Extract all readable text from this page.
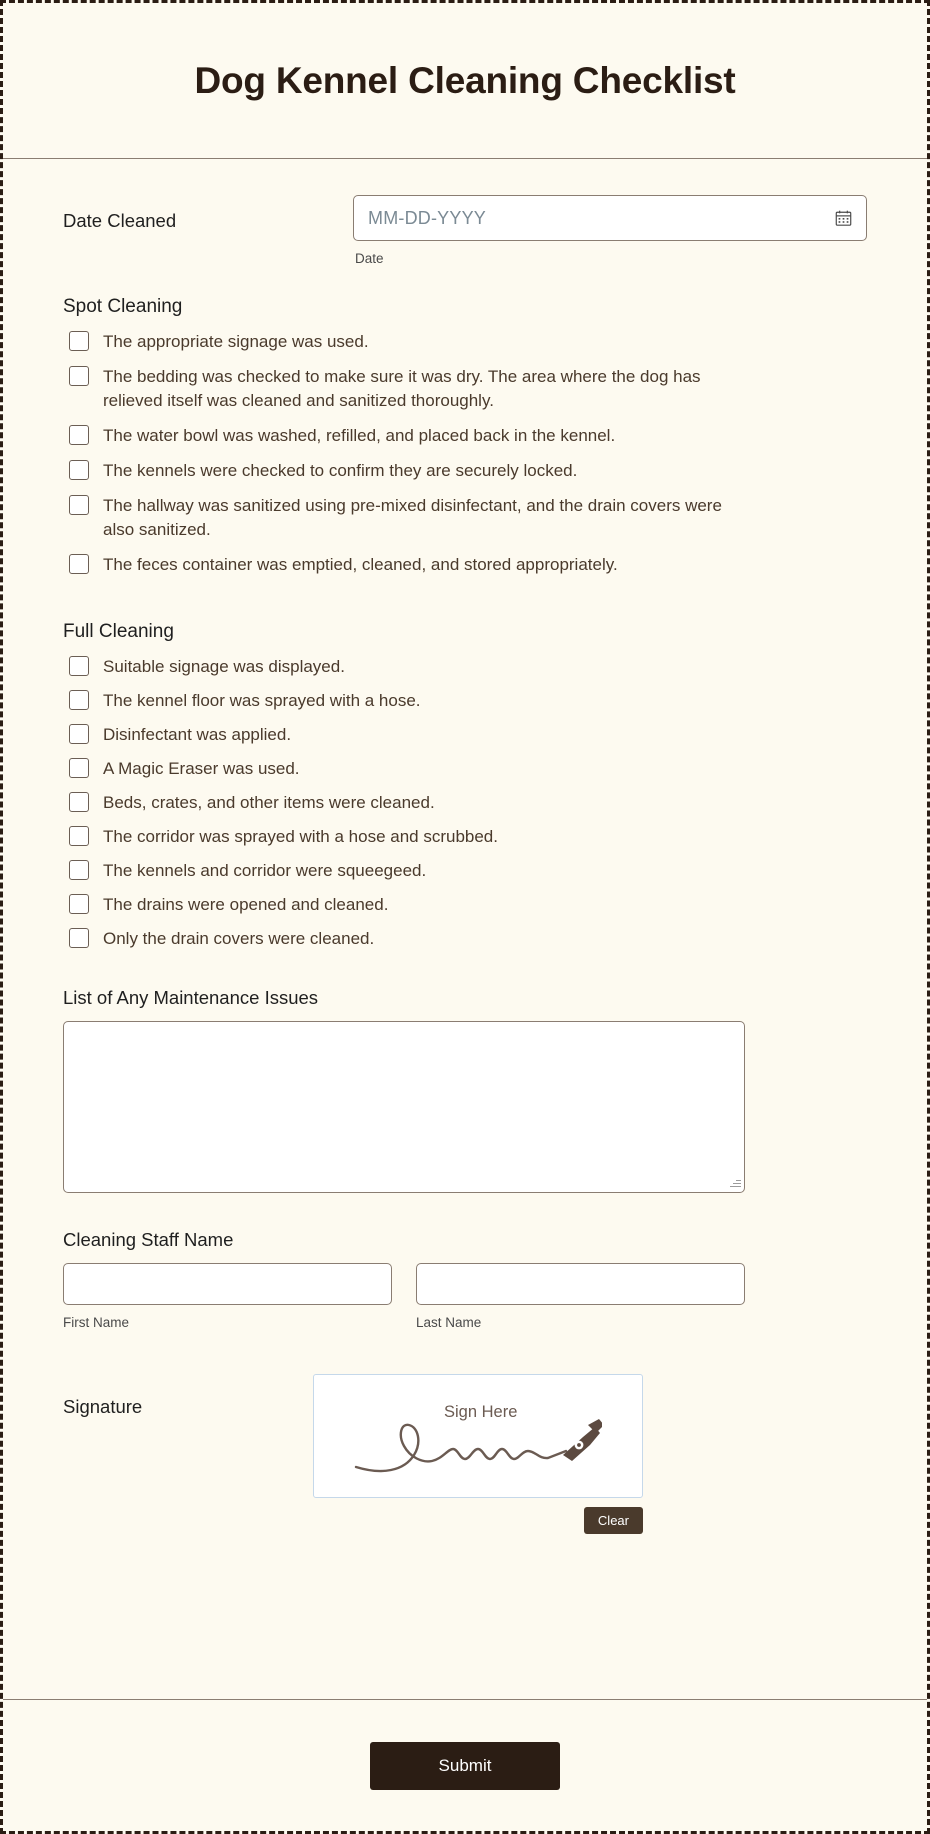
Dog Kennel Cleaning Checklist
Date Cleaned	MM-DD-YYYY
Date
Spot Cleaning
The appropriate signage was used.
The bedding was checked to make sure it was dry. The area where the dog has relieved itself was cleaned and sanitized thoroughly.
The water bowl was washed, refilled, and placed back in the kennel.
The kennels were checked to confirm they are securely locked.
The hallway was sanitized using pre-mixed disinfectant, and the drain covers were also sanitized.
The feces container was emptied, cleaned, and stored appropriately.
Full Cleaning
Suitable signage was displayed.
The kennel floor was sprayed with a hose.
Disinfectant was applied.
A Magic Eraser was used.
Beds, crates, and other items were cleaned.
The corridor was sprayed with a hose and scrubbed.
The kennels and corridor were squeegeed.
The drains were opened and cleaned.
Only the drain covers were cleaned.
List of Any Maintenance Issues
Cleaning Staff Name
First Name	Last Name
Signature	Sign Here
Clear
Submit
